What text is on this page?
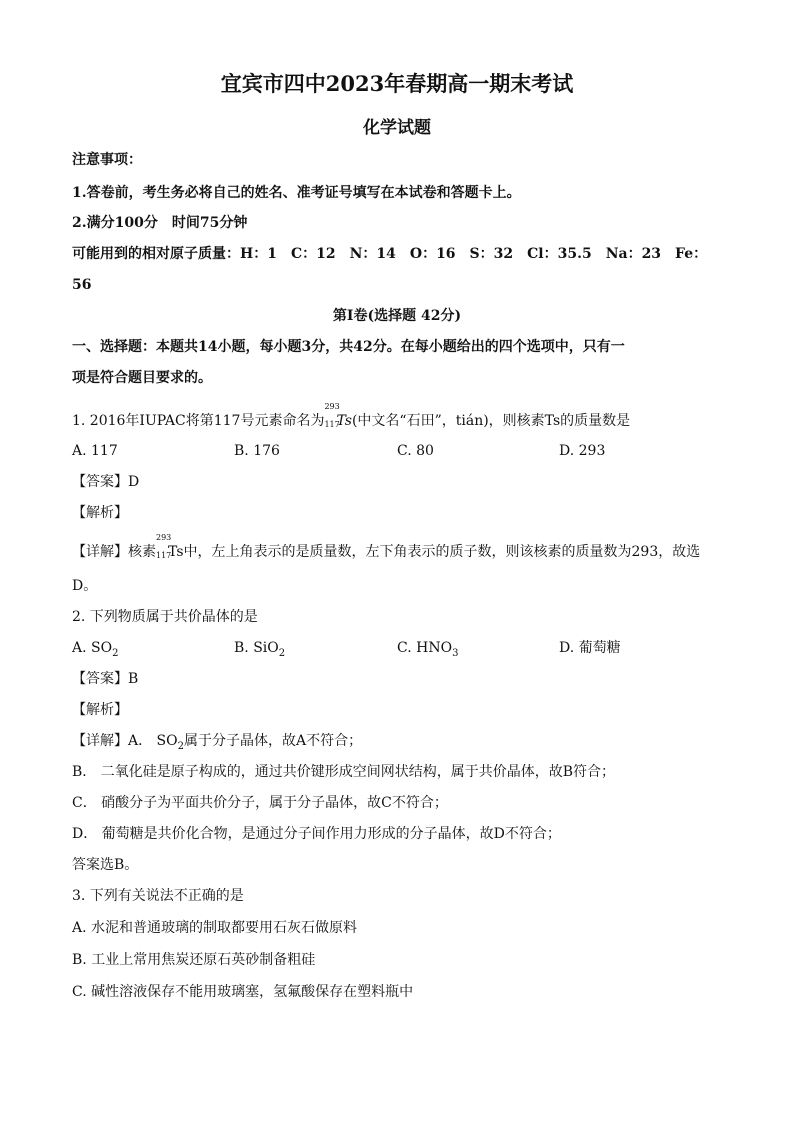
宜宾市四中2023年春期高一期末考试
化学试题
注意事项：
1.答卷前，考生务必将自己的姓名、准考证号填写在本试卷和答题卡上。
2.满分100分　时间75分钟
可能用到的相对原子质量：H：1　C：12　N：14　O：16　S：32　Cl：35.5　Na：23　Fe：
56
第I卷(选择题 42分)
一、选择题：本题共14小题，每小题3分，共42分。在每小题给出的四个选项中，只有一
项是符合题目要求的。
1. 2016年IUPAC将第117号元素命名为
293
117
Ts(中文名“石田”，tián)，则核素Ts的质量数是
A. 117	B. 176	C. 80	D. 293
【答案】D
【解析】
【详解】核素
293
117
Ts中，左上角表示的是质量数，左下角表示的质子数，则该核素的质量数为293，故选
D。
2. 下列物质属于共价晶体的是
A. $SO_2$	B. SiO$_2$	C. $HNO_3$	D. 葡萄糖
【答案】B
【解析】
【详解】A． $SO_2$属于分子晶体，故A不符合；
B． 二氧化硅是原子构成的，通过共价键形成空间网状结构，属于共价晶体，故B符合；
C． 硝酸分子为平面共价分子，属于分子晶体，故C不符合；
D． 葡萄糖是共价化合物，是通过分子间作用力形成的分子晶体，故D不符合；
答案选B。
3. 下列有关说法不正确的是
A. 水泥和普通玻璃的制取都要用石灰石做原料
B. 工业上常用焦炭还原石英砂制备粗硅
C. 碱性溶液保存不能用玻璃塞，氢氟酸保存在塑料瓶中
